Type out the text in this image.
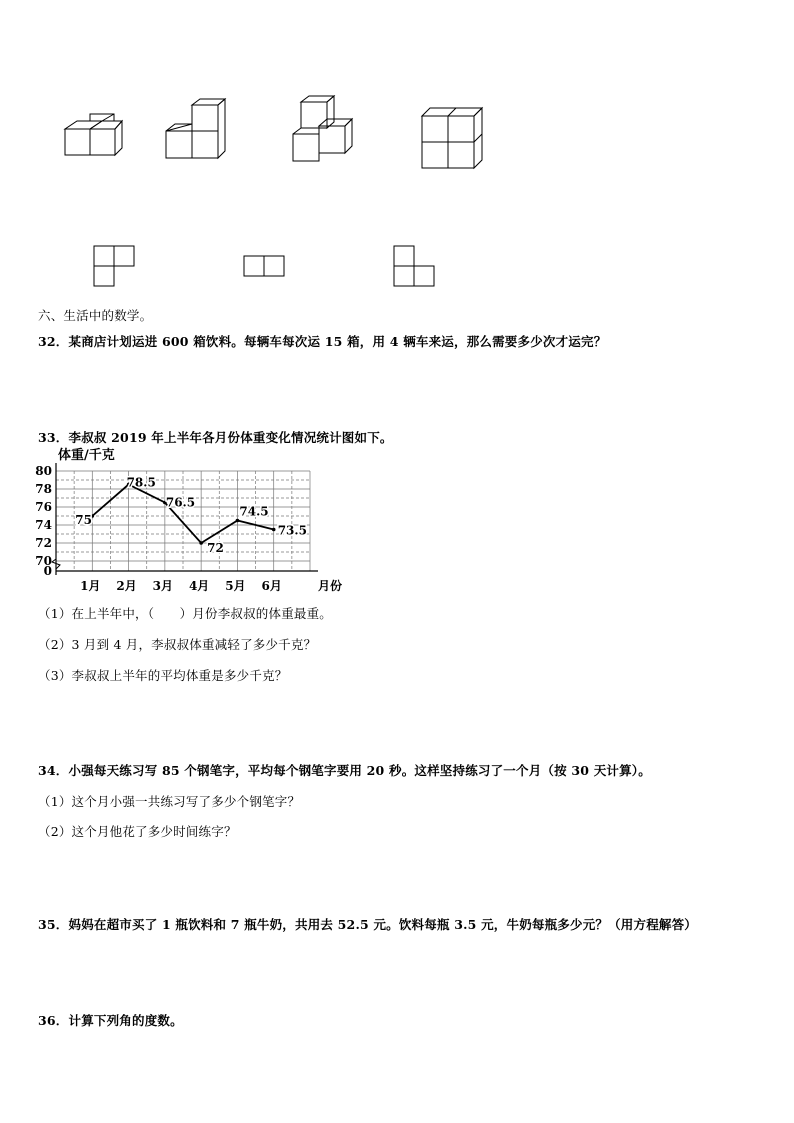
六、生活中的数学。
32．某商店计划运进 600 箱饮料。每辆车每次运 15 箱，用 4 辆车来运，那么需要多少次才运完？
33．李叔叔 2019 年上半年各月份体重变化情况统计图如下。
体重/千克
80
78
76
74
72
70
0
1月 2月 3月 4月 5月 6月	月份
75
78.5
76.5
72
74.5
73.5
（1）在上半年中，（　　）月份李叔叔的体重最重。
（2）3 月到 4 月，李叔叔体重减轻了多少千克？
（3）李叔叔上半年的平均体重是多少千克？
34．小强每天练习写 85 个钢笔字，平均每个钢笔字要用 20 秒。这样坚持练习了一个月（按 30 天计算）。
（1）这个月小强一共练习写了多少个钢笔字？
（2）这个月他花了多少时间练字？
35．妈妈在超市买了 1 瓶饮料和 7 瓶牛奶，共用去 52.5 元。饮料每瓶 3.5 元，牛奶每瓶多少元？（用方程解答）
36．计算下列角的度数。
